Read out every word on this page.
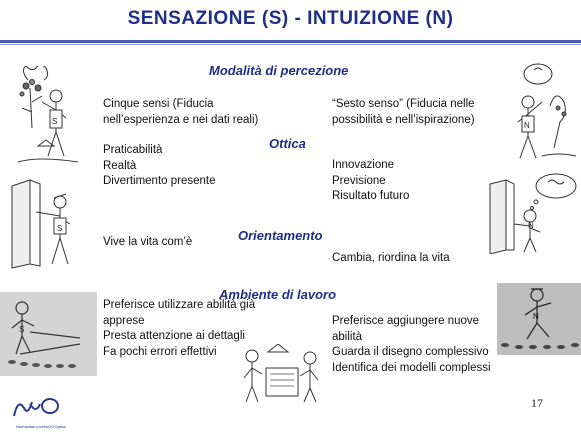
SENSAZIONE (S) - INTUIZIONE (N)
S	N
S	N
S
N
Modalità di percezione
Cinque sensi (Fiducia
nell’esperienza e nei dati reali)
“Sesto senso” (Fiducia nelle
possibilità e nell’ispirazione)
Ottica
Praticabilità
Realtà
Divertimento presente
Innovazione
Previsione
Risultato futuro
Orientamento
Vive la vita com’è
Cambia, riordina la vita
Ambiente di lavoro
Preferisce utilizzare abilità già
apprese
Presta attenzione ai dettagli
Fa pochi errori effettivi
Preferisce aggiungere nuove
abilità
Guarda il disegno complessivo
Identifica dei modelli complessi
Humanitas InvenioXXOpera
17
